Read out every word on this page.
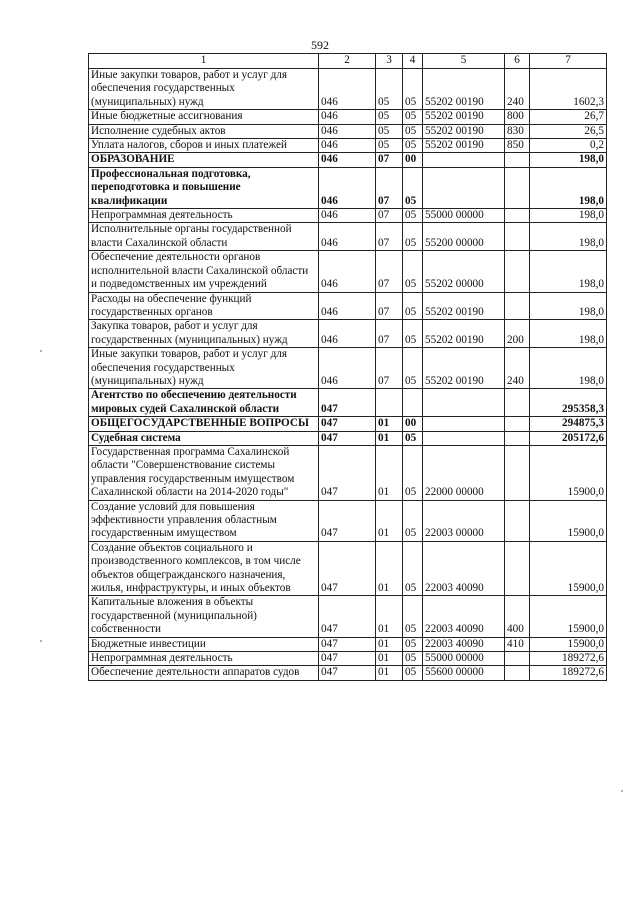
592
1	2	3	4	5	6	7
Иные закупки товаров, работ и услуг для обеспечения государственных (муниципальных) нужд	046	05	05	55202 00190	240	1602,3
Иные бюджетные ассигнования	046	05	05	55202 00190	800	26,7
Исполнение судебных актов	046	05	05	55202 00190	830	26,5
Уплата налогов, сборов и иных платежей	046	05	05	55202 00190	850	0,2
ОБРАЗОВАНИЕ	046	07	00			198,0
Профессиональная подготовка, переподготовка и повышение квалификации	046	07	05			198,0
Непрограммная деятельность	046	07	05	55000 00000		198,0
Исполнительные органы государственной власти Сахалинской области	046	07	05	55200 00000		198,0
Обеспечение деятельности органов исполнительной власти Сахалинской области и подведомственных им учреждений	046	07	05	55202 00000		198,0
Расходы на обеспечение функций государственных органов	046	07	05	55202 00190		198,0
Закупка товаров, работ и услуг для государственных (муниципальных) нужд	046	07	05	55202 00190	200	198,0
Иные закупки товаров, работ и услуг для обеспечения государственных (муниципальных) нужд	046	07	05	55202 00190	240	198,0
Агентство по обеспечению деятельности мировых судей Сахалинской области	047					295358,3
ОБЩЕГОСУДАРСТВЕННЫЕ ВОПРОСЫ	047	01	00			294875,3
Судебная система	047	01	05			205172,6
Государственная программа Сахалинской области "Совершенствование системы управления государственным имуществом Сахалинской области на 2014-2020 годы"	047	01	05	22000 00000		15900,0
Создание условий для повышения эффективности управления областным государственным имуществом	047	01	05	22003 00000		15900,0
Создание объектов социального и производственного комплексов, в том числе объектов общегражданского назначения, жилья, инфраструктуры, и иных объектов	047	01	05	22003 40090		15900,0
Капитальные вложения в объекты государственной (муниципальной) собственности	047	01	05	22003 40090	400	15900,0
Бюджетные инвестиции	047	01	05	22003 40090	410	15900,0
Непрограммная деятельность	047	01	05	55000 00000		189272,6
Обеспечение деятельности аппаратов судов	047	01	05	55600 00000		189272,6
